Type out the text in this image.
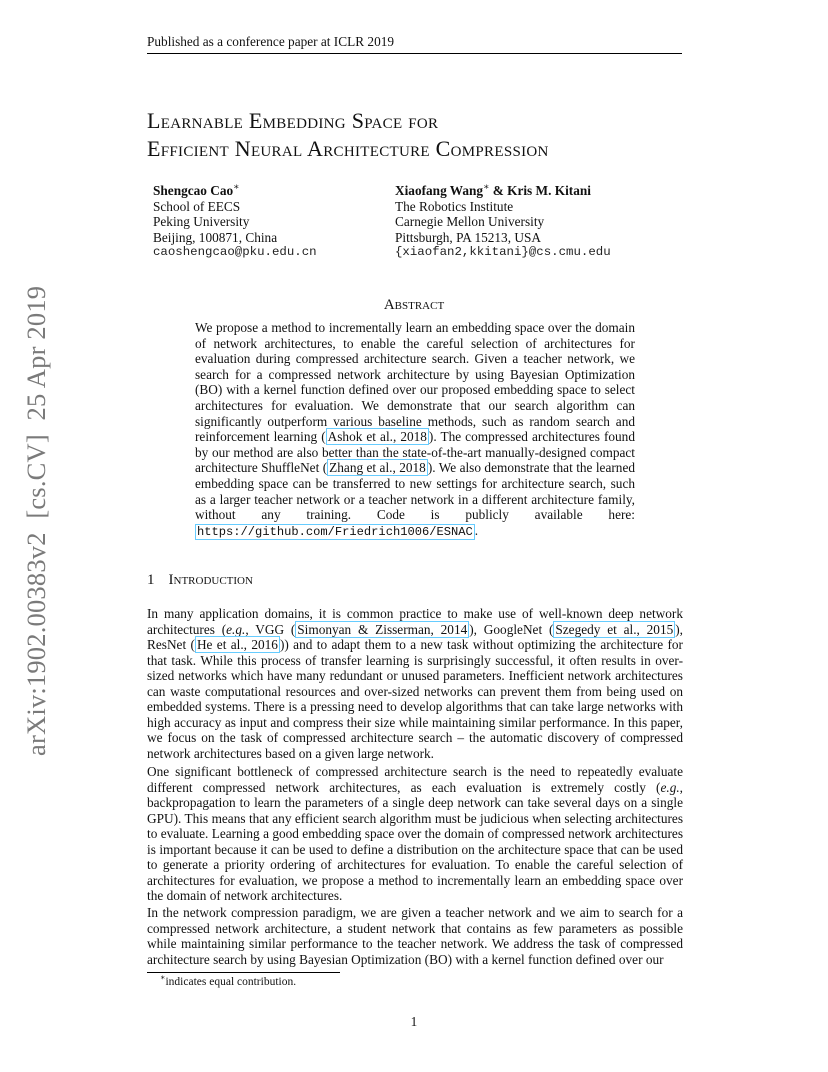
Published as a conference paper at ICLR 2019
Learnable Embedding Space for
Efficient Neural Architecture Compression
Shengcao Cao∗
School of EECS
Peking University
Beijing, 100871, China
caoshengcao@pku.edu.cn
Xiaofang Wang∗ & Kris M. Kitani
The Robotics Institute
Carnegie Mellon University
Pittsburgh, PA 15213, USA
{xiaofan2,kkitani}@cs.cmu.edu
Abstract
We propose a method to incrementally learn an embedding space over the domain of network architectures, to enable the careful selection of architectures for evaluation during compressed architecture search. Given a teacher network, we search for a compressed network architecture by using Bayesian Optimization (BO) with a kernel function defined over our proposed embedding space to select architectures for evaluation. We demonstrate that our search algorithm can significantly outperform various baseline methods, such as random search and reinforcement learning ( Ashok et al., 2018 ). The compressed architectures found by our method are also better than the state-of-the-art manually-designed compact architecture ShuffleNet ( Zhang et al., 2018 ). We also demonstrate that the learned embedding space can be transferred to new settings for architecture search, such as a larger teacher network or a teacher network in a different architecture family, without any training. Code is publicly available here: https://github.com/Friedrich1006/ESNAC .
1 Introduction
In many application domains, it is common practice to make use of well-known deep network architectures (e.g., VGG ( Simonyan & Zisserman, 2014 ), GoogleNet ( Szegedy et al., 2015 ), ResNet ( He et al., 2016 )) and to adapt them to a new task without optimizing the architecture for that task. While this process of transfer learning is surprisingly successful, it often results in over-sized networks which have many redundant or unused parameters. Inefficient network architectures can waste computational resources and over-sized networks can prevent them from being used on embedded systems. There is a pressing need to develop algorithms that can take large networks with high accuracy as input and compress their size while maintaining similar performance. In this paper, we focus on the task of compressed architecture search – the automatic discovery of compressed network architectures based on a given large network.
One significant bottleneck of compressed architecture search is the need to repeatedly evaluate different compressed network architectures, as each evaluation is extremely costly (e.g., backpropagation to learn the parameters of a single deep network can take several days on a single GPU). This means that any efficient search algorithm must be judicious when selecting architectures to evaluate. Learning a good embedding space over the domain of compressed network architectures is important because it can be used to define a distribution on the architecture space that can be used to generate a priority ordering of architectures for evaluation. To enable the careful selection of architectures for evaluation, we propose a method to incrementally learn an embedding space over the domain of network architectures.
In the network compression paradigm, we are given a teacher network and we aim to search for a compressed network architecture, a student network that contains as few parameters as possible while maintaining similar performance to the teacher network. We address the task of compressed architecture search by using Bayesian Optimization (BO) with a kernel function defined over our
∗indicates equal contribution.
1
arXiv:1902.00383v2  [cs.CV]  25 Apr 2019
